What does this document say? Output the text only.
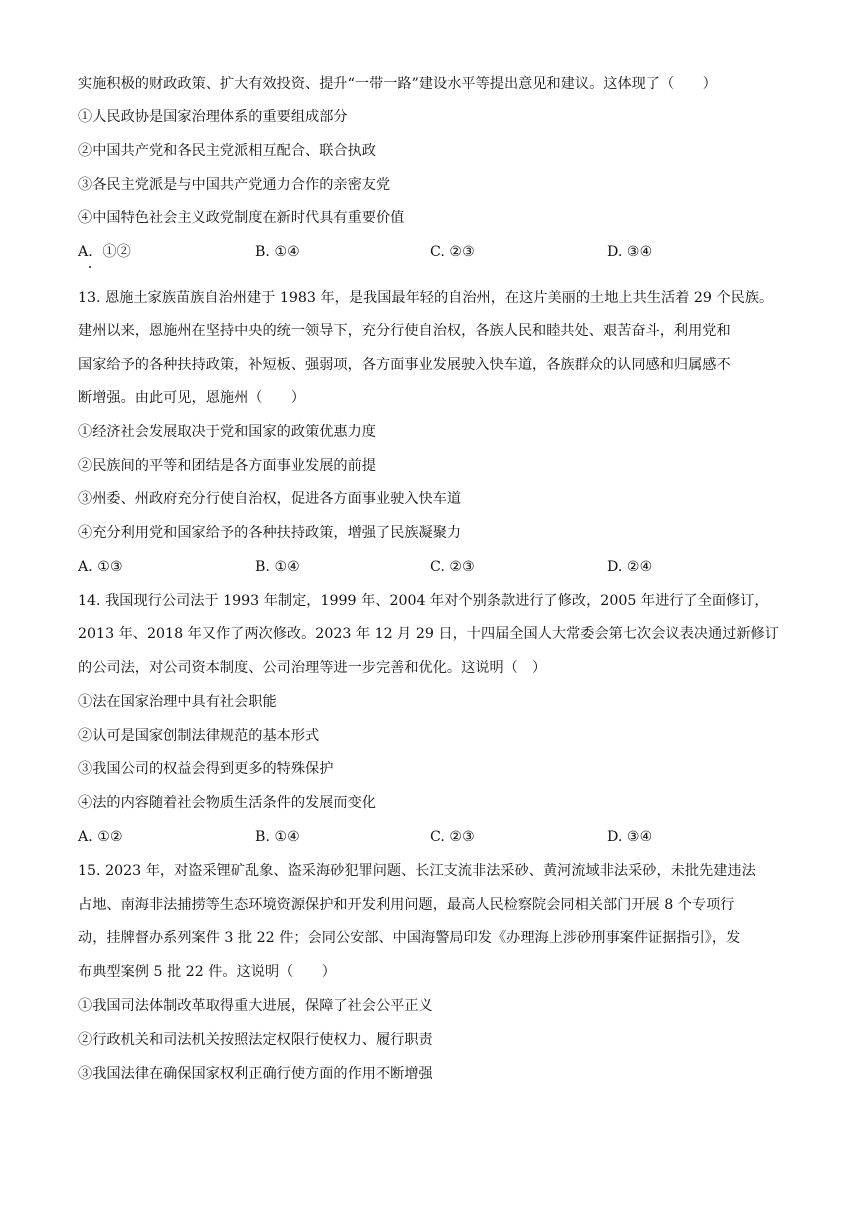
实施积极的财政政策、扩大有效投资、提升“一带一路”建设水平等提出意见和建议。这体现了（　　）
①人民政协是国家治理体系的重要组成部分
②中国共产党和各民主党派相互配合、联合执政
③各民主党派是与中国共产党通力合作的亲密友党
④中国特色社会主义政党制度在新时代具有重要价值
A．①②	B. ①④	C. ②③	D. ③④
13. 恩施土家族苗族自治州建于 1983 年，是我国最年轻的自治州，在这片美丽的土地上共生活着 29 个民族。
建州以来，恩施州在坚持中央的统一领导下，充分行使自治权，各族人民和睦共处、艰苦奋斗，利用党和
国家给予的各种扶持政策，补短板、强弱项，各方面事业发展驶入快车道，各族群众的认同感和归属感不
断增强。由此可见，恩施州（　　）
①经济社会发展取决于党和国家的政策优惠力度
②民族间的平等和团结是各方面事业发展的前提
③州委、州政府充分行使自治权，促进各方面事业驶入快车道
④充分利用党和国家给予的各种扶持政策，增强了民族凝聚力
A. ①③	B. ①④	C. ②③	D. ②④
14. 我国现行公司法于 1993 年制定，1999 年、2004 年对个别条款进行了修改，2005 年进行了全面修订，
2013 年、2018 年又作了两次修改。2023 年 12 月 29 日，十四届全国人大常委会第七次会议表决通过新修订
的公司法，对公司资本制度、公司治理等进一步完善和优化。这说明（　）
①法在国家治理中具有社会职能
②认可是国家创制法律规范的基本形式
③我国公司的权益会得到更多的特殊保护
④法的内容随着社会物质生活条件的发展而变化
A. ①②	B. ①④	C. ②③	D. ③④
15. 2023 年，对盗采锂矿乱象、盗采海砂犯罪问题、长江支流非法采砂、黄河流域非法采砂，未批先建违法
占地、南海非法捕捞等生态环境资源保护和开发利用问题，最高人民检察院会同相关部门开展 8 个专项行
动，挂牌督办系列案件 3 批 22 件；会同公安部、中国海警局印发《办理海上涉砂刑事案件证据指引》，发
布典型案例 5 批 22 件。这说明（　　）
①我国司法体制改革取得重大进展，保障了社会公平正义
②行政机关和司法机关按照法定权限行使权力、履行职责
③我国法律在确保国家权利正确行使方面的作用不断增强
